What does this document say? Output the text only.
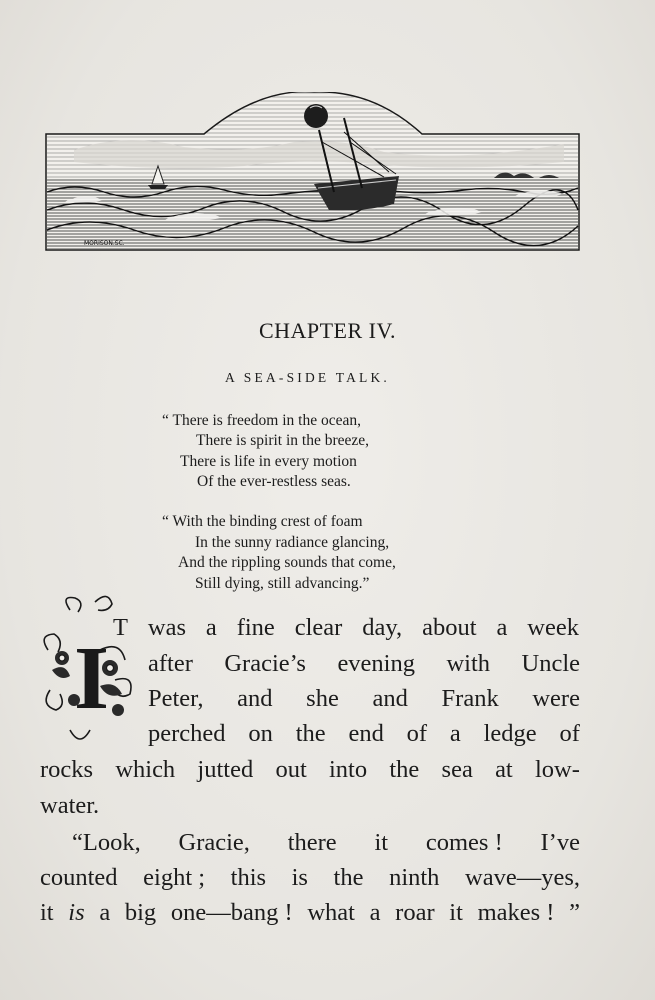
MORISON.SC.
CHAPTER IV.
A SEA-SIDE TALK.
“ There is freedom in the ocean,
There is spirit in the breeze,
There is life in every motion
Of the ever-restless seas.
“ With the binding crest of foam
In the sunny radiance glancing,
And the rippling sounds that come,
Still dying, still advancing.”
I
T was a fine clear day, about a week
after Gracie’s evening with Uncle
Peter, and she and Frank were
perched on the end of a ledge of
rocks which jutted out into the sea at low-
water.
“Look, Gracie, there it comes ! I’ve
counted eight ; this is the ninth wave—yes,
it is a big one—bang ! what a roar it makes ! ”
